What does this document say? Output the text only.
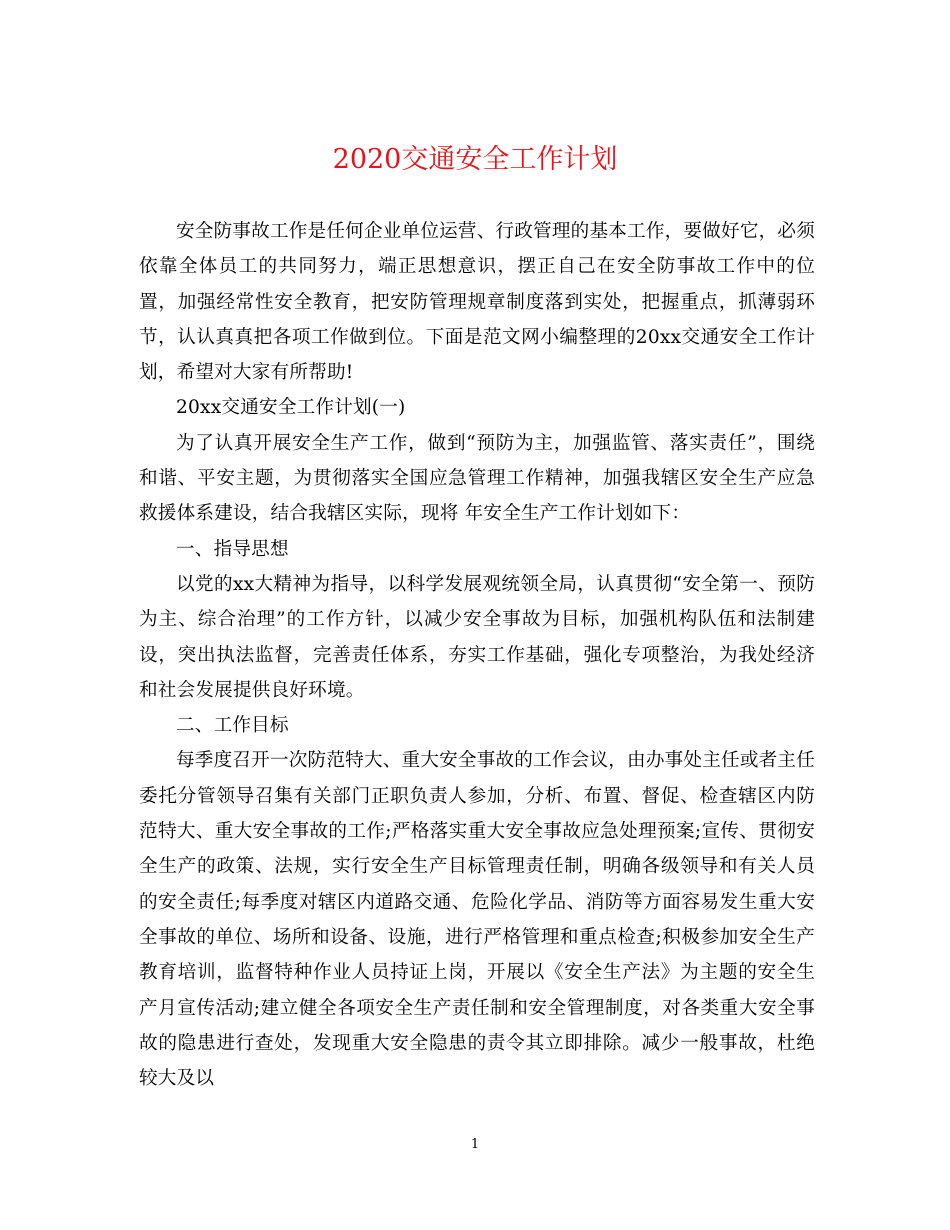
2020交通安全工作计划

安全防事故工作是任何企业单位运营、行政管理的基本工作，要做好它，必须依靠全体员工的共同努力，端正思想意识，摆正自己在安全防事故工作中的位置，加强经常性安全教育，把安防管理规章制度落到实处，把握重点，抓薄弱环节，认认真真把各项工作做到位。下面是范文网小编整理的20xx交通安全工作计划，希望对大家有所帮助!

20xx交通安全工作计划(一)

为了认真开展安全生产工作，做到“预防为主，加强监管、落实责任”，围绕和谐、平安主题，为贯彻落实全国应急管理工作精神，加强我辖区安全生产应急救援体系建设，结合我辖区实际，现将 年安全生产工作计划如下：

一、指导思想

以党的xx大精神为指导，以科学发展观统领全局，认真贯彻“安全第一、预防为主、综合治理”的工作方针，以减少安全事故为目标，加强机构队伍和法制建设，突出执法监督，完善责任体系，夯实工作基础，强化专项整治，为我处经济和社会发展提供良好环境。

二、工作目标

每季度召开一次防范特大、重大安全事故的工作会议，由办事处主任或者主任委托分管领导召集有关部门正职负责人参加，分析、布置、督促、检查辖区内防范特大、重大安全事故的工作;严格落实重大安全事故应急处理预案;宣传、贯彻安全生产的政策、法规，实行安全生产目标管理责任制，明确各级领导和有关人员的安全责任;每季度对辖区内道路交通、危险化学品、消防等方面容易发生重大安全事故的单位、场所和设备、设施，进行严格管理和重点检查;积极参加安全生产教育培训，监督特种作业人员持证上岗，开展以《安全生产法》为主题的安全生产月宣传活动;建立健全各项安全生产责任制和安全管理制度，对各类重大安全事故的隐患进行查处，发现重大安全隐患的责令其立即排除。减少一般事故，杜绝较大及以

1
